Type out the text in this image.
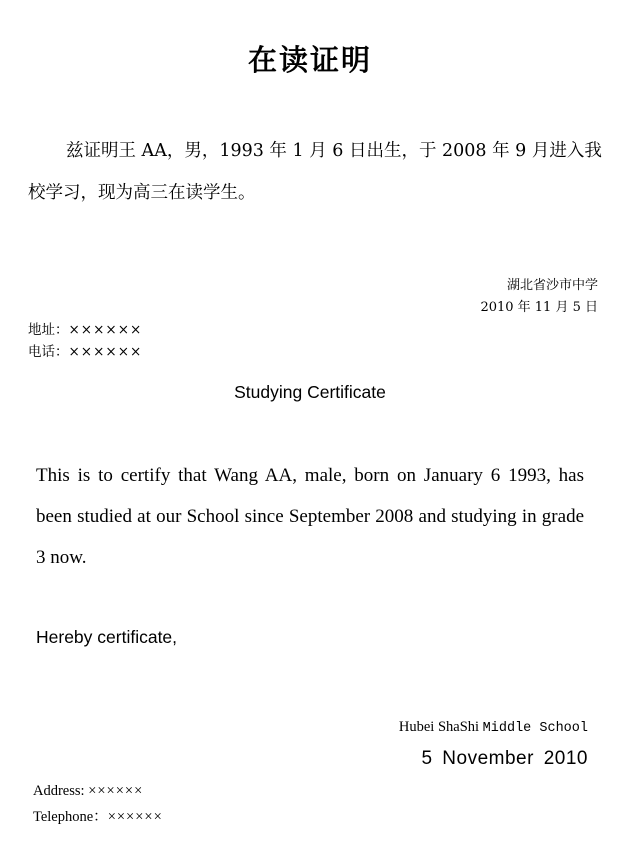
在读证明
兹证明王 AA，男，1993 年 1 月 6 日出生，于 2008 年 9 月进入我校学习，现为高三在读学生。
湖北省沙市中学
2010 年 11 月 5 日
地址：××××××
电话：××××××
Studying Certificate
This is to certify that Wang AA, male, born on January 6 1993, has been studied at our School since September 2008 and studying in grade 3 now.
Hereby certificate,
Hubei ShaShi Middle School
5 November 2010
Address: ××××××
Telephone：××××××
